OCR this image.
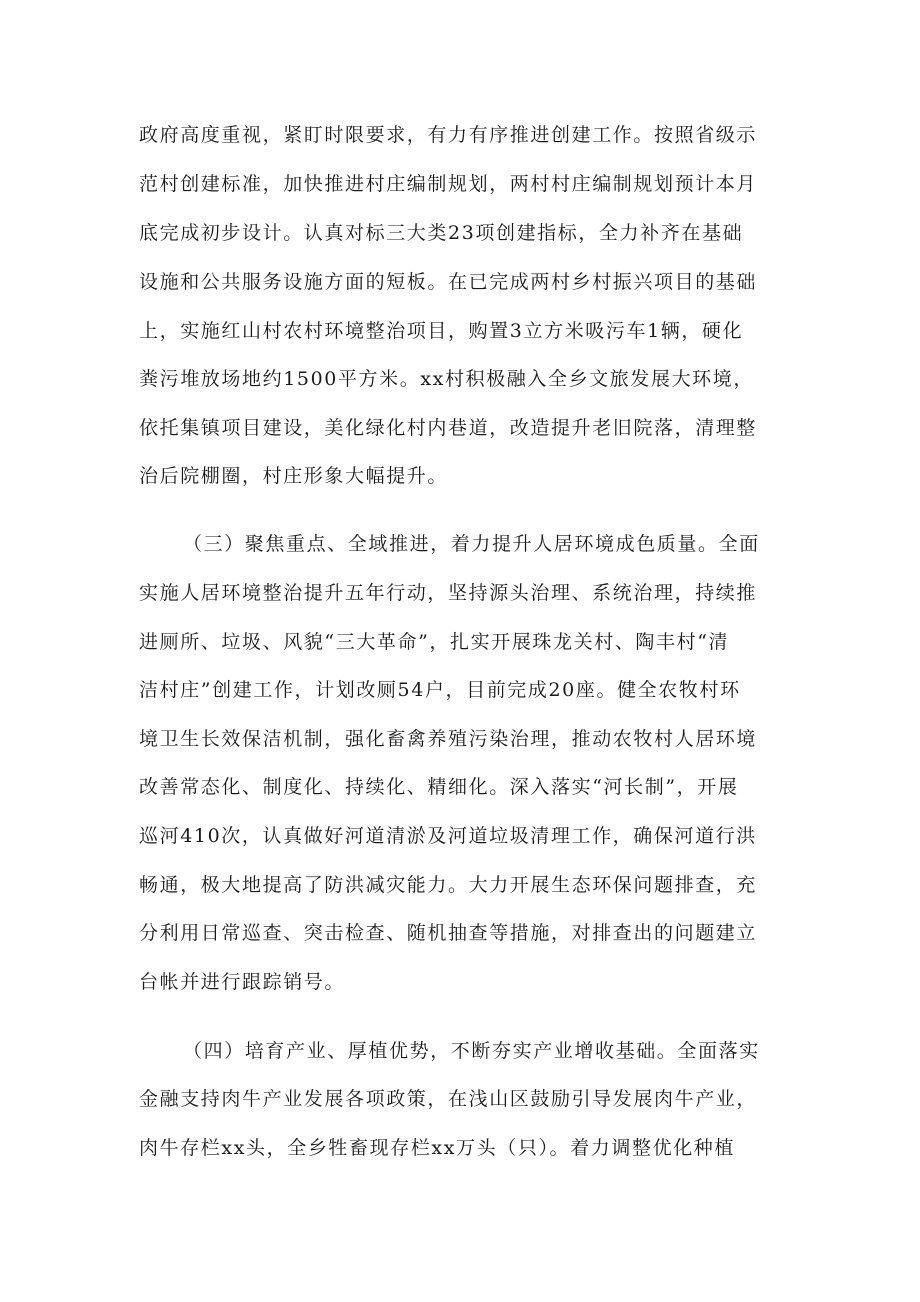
政府高度重视，紧盯时限要求，有力有序推进创建工作。按照省级示
范村创建标准，加快推进村庄编制规划，两村村庄编制规划预计本月
底完成初步设计。认真对标三大类23项创建指标，全力补齐在基础
设施和公共服务设施方面的短板。在已完成两村乡村振兴项目的基础
上，实施红山村农村环境整治项目，购置3立方米吸污车1辆，硬化
粪污堆放场地约1500平方米。xx村积极融入全乡文旅发展大环境，
依托集镇项目建设，美化绿化村内巷道，改造提升老旧院落，清理整
治后院棚圈，村庄形象大幅提升。
（三）聚焦重点、全域推进，着力提升人居环境成色质量。全面
实施人居环境整治提升五年行动，坚持源头治理、系统治理，持续推
进厕所、垃圾、风貌“三大革命”，扎实开展珠龙关村、陶丰村“清
洁村庄”创建工作，计划改厕54户，目前完成20座。健全农牧村环
境卫生长效保洁机制，强化畜禽养殖污染治理，推动农牧村人居环境
改善常态化、制度化、持续化、精细化。深入落实“河长制”，开展
巡河410次，认真做好河道清淤及河道垃圾清理工作，确保河道行洪
畅通，极大地提高了防洪减灾能力。大力开展生态环保问题排查，充
分利用日常巡查、突击检查、随机抽查等措施，对排查出的问题建立
台帐并进行跟踪销号。
（四）培育产业、厚植优势，不断夯实产业增收基础。全面落实
金融支持肉牛产业发展各项政策，在浅山区鼓励引导发展肉牛产业，
肉牛存栏xx头，全乡牲畜现存栏xx万头（只）。着力调整优化种植
